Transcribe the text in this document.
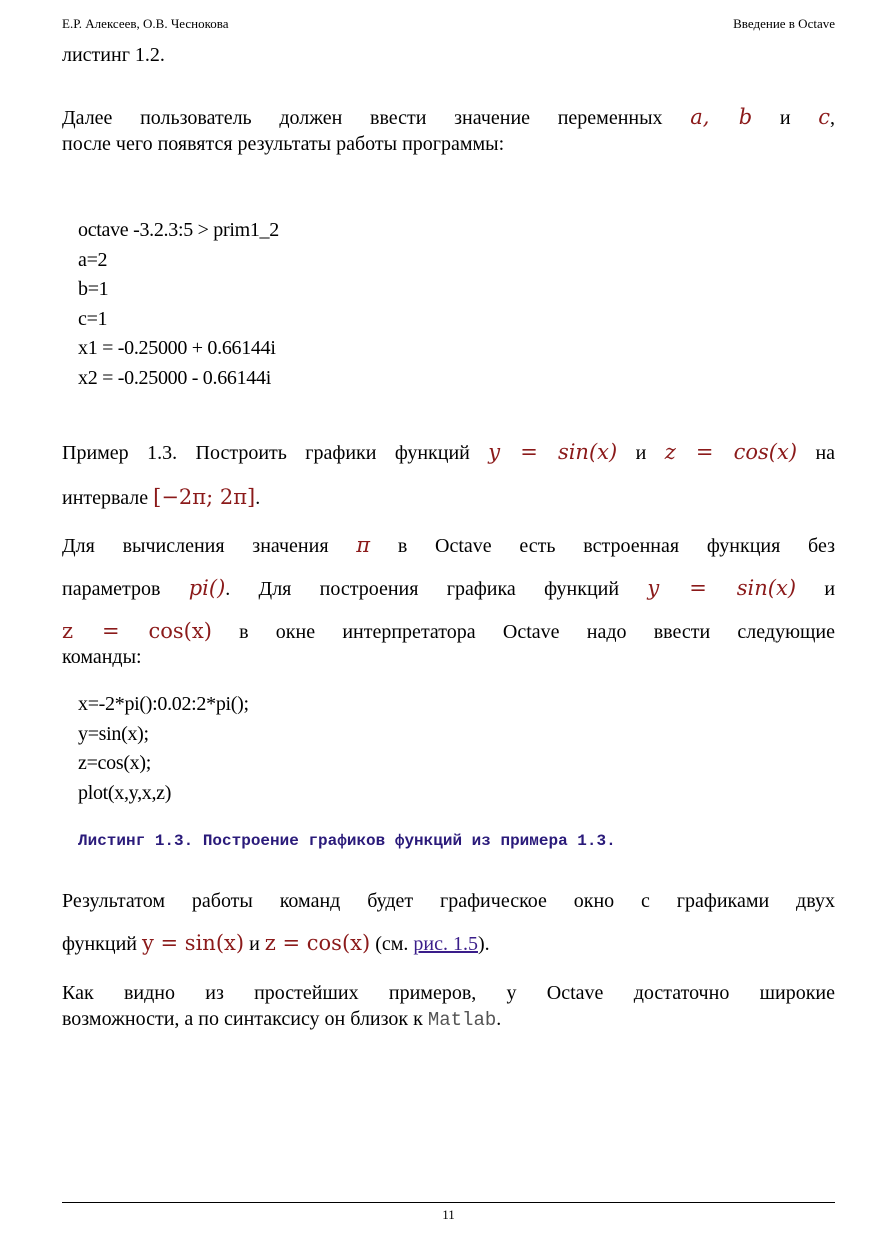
Е.Р. Алексеев, О.В. Чеснокова	Введение в Octave
листинг 1.2.
Далее пользователь должен ввести значение переменных a, b и c,
после чего появятся результаты работы программы:
octave -3.2.3:5 > prim1_2
a=2
b=1
c=1
x1 = -0.25000 + 0.66144i
x2 = -0.25000 - 0.66144i
Пример 1.3. Построить графики функций y = sin(x) и z = cos(x) на
интервале [−2π; 2π].
Для вычисления значения π в Octave есть встроенная функция без
параметров pi(). Для построения графика функций y = sin(x) и
z = cos(x) в окне интерпретатора Octave надо ввести следующие
команды:
x=-2*pi():0.02:2*pi();
y=sin(x);
z=cos(x);
plot(x,y,x,z)
Листинг 1.3. Построение графиков функций из примера 1.3.
Результатом работы команд будет графическое окно с графиками двух
функций y = sin(x) и z = cos(x) (см. рис. 1.5).
Как видно из простейших примеров, у Octave достаточно широкие
возможности, а по синтаксису он близок к Matlab.
11
